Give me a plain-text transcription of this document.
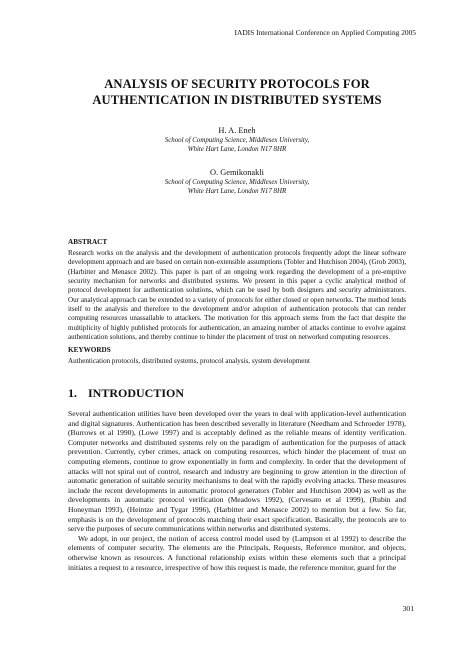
IADIS International Conference on Applied Computing 2005
ANALYSIS OF SECURITY PROTOCOLS FOR
AUTHENTICATION IN DISTRIBUTED SYSTEMS
H. A. Eneh
School of Computing Science, Middlesex University,
White Hart Lane, London N17 8HR
O. Gemikonakli
School of Computing Science, Middlesex University,
White Hart Lane, London N17 8HR
ABSTRACT
Research works on the analysis and the development of authentication protocols frequently adopt the linear software development approach and are based on certain non-extensible assumptions (Tobler and Hutchison 2004), (Grob 2003), (Harbitter and Menasce 2002). This paper is part of an ongoing work regarding the development of a pre-emptive security mechanism for networks and distributed systems. We present in this paper a cyclic analytical method of protocol development for authentication solutions, which can be used by both designers and security administrators. Our analytical approach can be extended to a variety of protocols for either closed or open networks. The method lends itself to the analysis and therefore to the development and/or adoption of authentication protocols that can render computing resources unassailable to attackers. The motivation for this approach stems from the fact that despite the multiplicity of highly published protocols for authentication, an amazing number of attacks continue to evolve against authentication solutions, and thereby continue to hinder the placement of trust on networked computing resources.
KEYWORDS
Authentication protocols, distributed systems, protocol analysis, system development
1. INTRODUCTION

Several authentication utilities have been developed over the years to deal with application-level authentication and digital signatures. Authentication has been described severally in literature (Needham and Schroeder 1978), (Burrows et al 1990), (Lowe 1997) and is acceptably defined as the reliable means of identity verification. Computer networks and distributed systems rely on the paradigm of authentication for the purposes of attack prevention. Currently, cyber crimes, attack on computing resources, which hinder the placement of trust on computing elements, continue to grow exponentially in form and complexity. In order that the development of attacks will not spiral out of control, research and industry are beginning to grow attention in the direction of automatic generation of suitable security mechanisms to deal with the rapidly evolving attacks. These measures include the recent developments in automatic protocol generators (Tobler and Hutchison 2004) as well as the developments in automatic protocol verification (Meadows 1992), (Cervesato et al 1999), (Rubin and Honeyman 1993), (Heintze and Tygar 1996), (Harbitter and Menasce 2002) to mention but a few. So far, emphasis is on the development of protocols matching their exact specification. Basically, the protocols are to serve the purposes of secure communications within networks and distributed systems.

We adopt, in our project, the notion of access control model used by (Lampson et al 1992) to describe the elements of computer security. The elements are the Principals, Requests, Reference monitor, and objects, otherwise known as resources. A functional relationship exists within these elements such that a principal initiates a request to a resource, irrespective of how this request is made, the reference monitor, guard for the

301
